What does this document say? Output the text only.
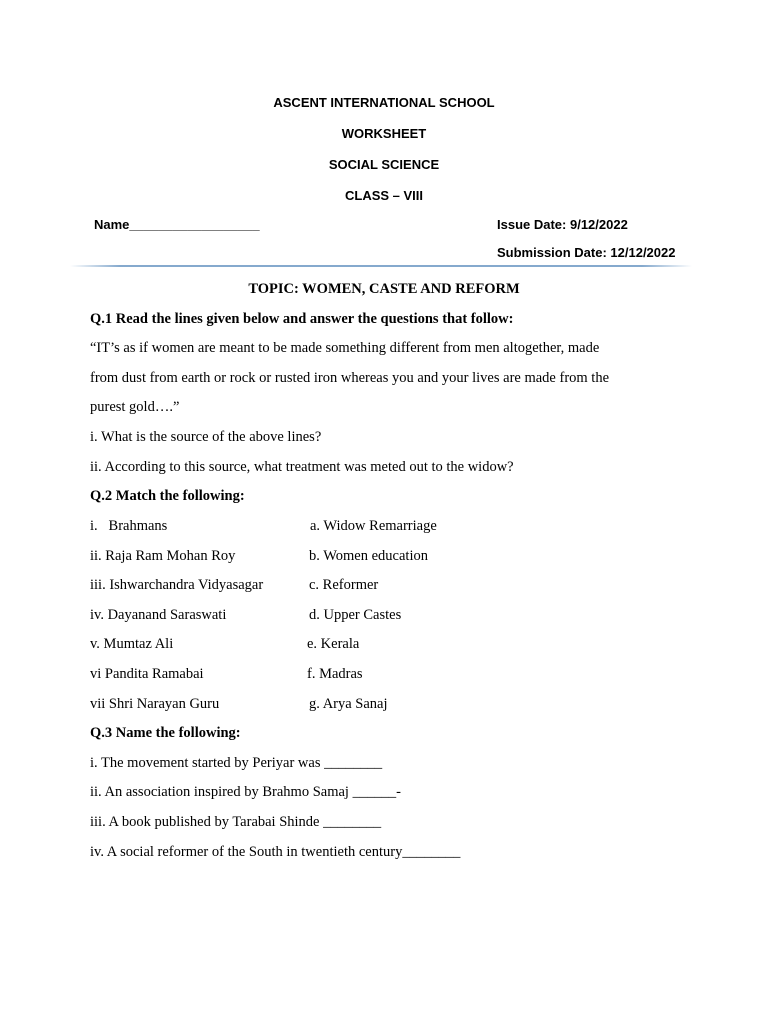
ASCENT INTERNATIONAL SCHOOL
WORKSHEET
SOCIAL SCIENCE
CLASS – VIII
Name__________________	Issue Date: 9/12/2022
Submission Date: 12/12/2022
TOPIC: WOMEN, CASTE AND REFORM
Q.1 Read the lines given below and answer the questions that follow:
“IT’s as if women are meant to be made something different from men altogether, made
from dust from earth or rock or rusted iron whereas you and your lives are made from the
purest gold….”
i. What is the source of the above lines?
ii. According to this source, what treatment was meted out to the widow?
Q.2 Match the following:
i.   Brahmans	a. Widow Remarriage
ii. Raja Ram Mohan Roy	b. Women education
iii. Ishwarchandra Vidyasagar	c. Reformer
iv. Dayanand Saraswati	d. Upper Castes
v. Mumtaz Ali	e. Kerala
vi Pandita Ramabai	f. Madras
vii Shri Narayan Guru	g. Arya Sanaj
Q.3 Name the following:
i. The movement started by Periyar was ________
ii. An association inspired by Brahmo Samaj ______-
iii. A book published by Tarabai Shinde ________
iv. A social reformer of the South in twentieth century________
